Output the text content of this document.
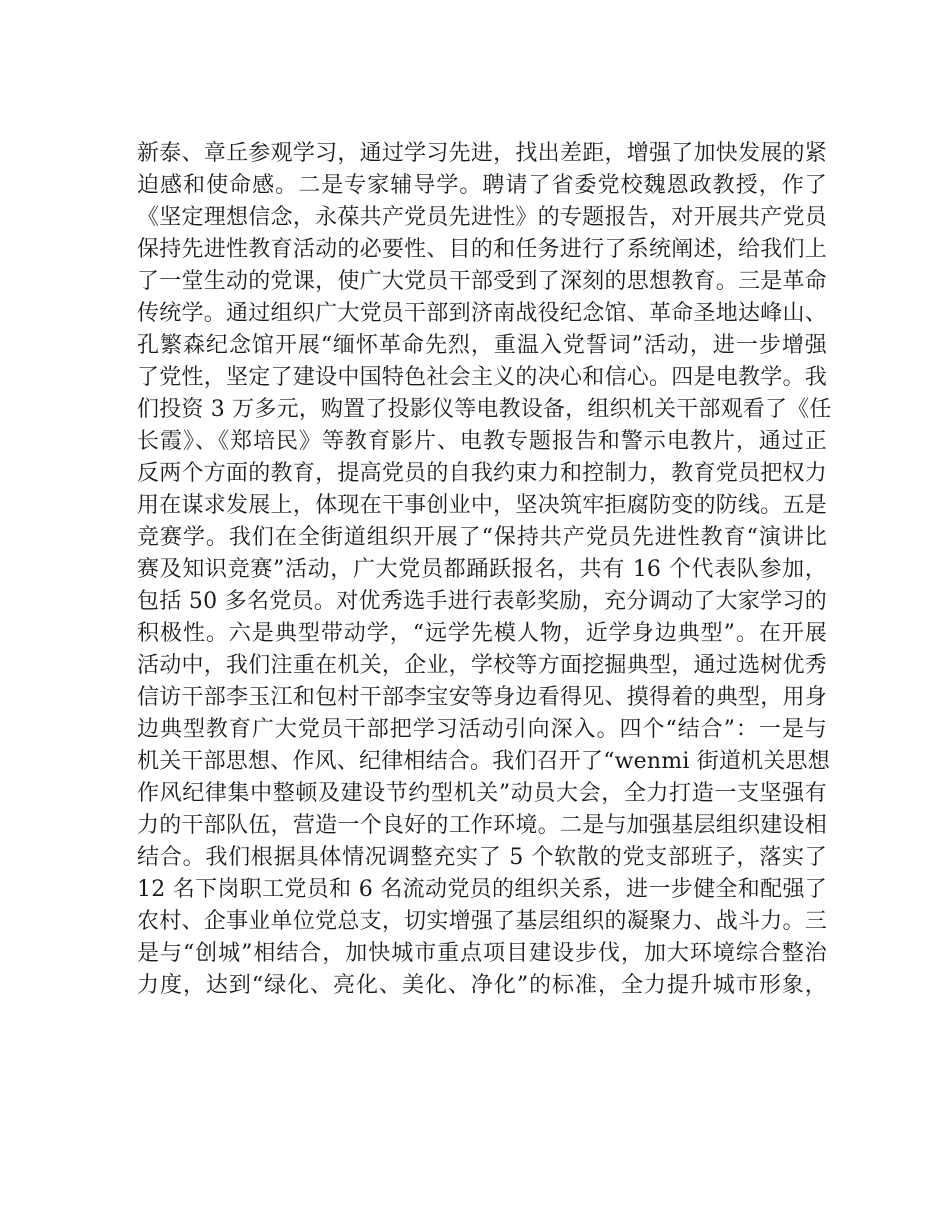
新泰、章丘参观学习，通过学习先进，找出差距，增强了加快发展的紧
迫感和使命感。二是专家辅导学。聘请了省委党校魏恩政教授，作了
《坚定理想信念，永葆共产党员先进性》的专题报告，对开展共产党员
保持先进性教育活动的必要性、目的和任务进行了系统阐述，给我们上
了一堂生动的党课，使广大党员干部受到了深刻的思想教育。三是革命
传统学。通过组织广大党员干部到济南战役纪念馆、革命圣地达峰山、
孔繁森纪念馆开展“缅怀革命先烈，重温入党誓词”活动，进一步增强
了党性，坚定了建设中国特色社会主义的决心和信心。四是电教学。我
们投资 3 万多元，购置了投影仪等电教设备，组织机关干部观看了《任
长霞》、《郑培民》等教育影片、电教专题报告和警示电教片，通过正
反两个方面的教育，提高党员的自我约束力和控制力，教育党员把权力
用在谋求发展上，体现在干事创业中，坚决筑牢拒腐防变的防线。五是
竞赛学。我们在全街道组织开展了“保持共产党员先进性教育“演讲比
赛及知识竞赛”活动，广大党员都踊跃报名，共有 16 个代表队参加，
包括 50 多名党员。对优秀选手进行表彰奖励，充分调动了大家学习的
积极性。六是典型带动学，“远学先模人物，近学身边典型”。在开展
活动中，我们注重在机关，企业，学校等方面挖掘典型，通过选树优秀
信访干部李玉江和包村干部李宝安等身边看得见、摸得着的典型，用身
边典型教育广大党员干部把学习活动引向深入。四个“结合”：一是与
机关干部思想、作风、纪律相结合。我们召开了“wenmi 街道机关思想
作风纪律集中整顿及建设节约型机关”动员大会，全力打造一支坚强有
力的干部队伍，营造一个良好的工作环境。二是与加强基层组织建设相
结合。我们根据具体情况调整充实了 5 个软散的党支部班子，落实了
12 名下岗职工党员和 6 名流动党员的组织关系，进一步健全和配强了
农村、企事业单位党总支，切实增强了基层组织的凝聚力、战斗力。三
是与“创城”相结合，加快城市重点项目建设步伐，加大环境综合整治
力度，达到“绿化、亮化、美化、净化”的标准，全力提升城市形象，
